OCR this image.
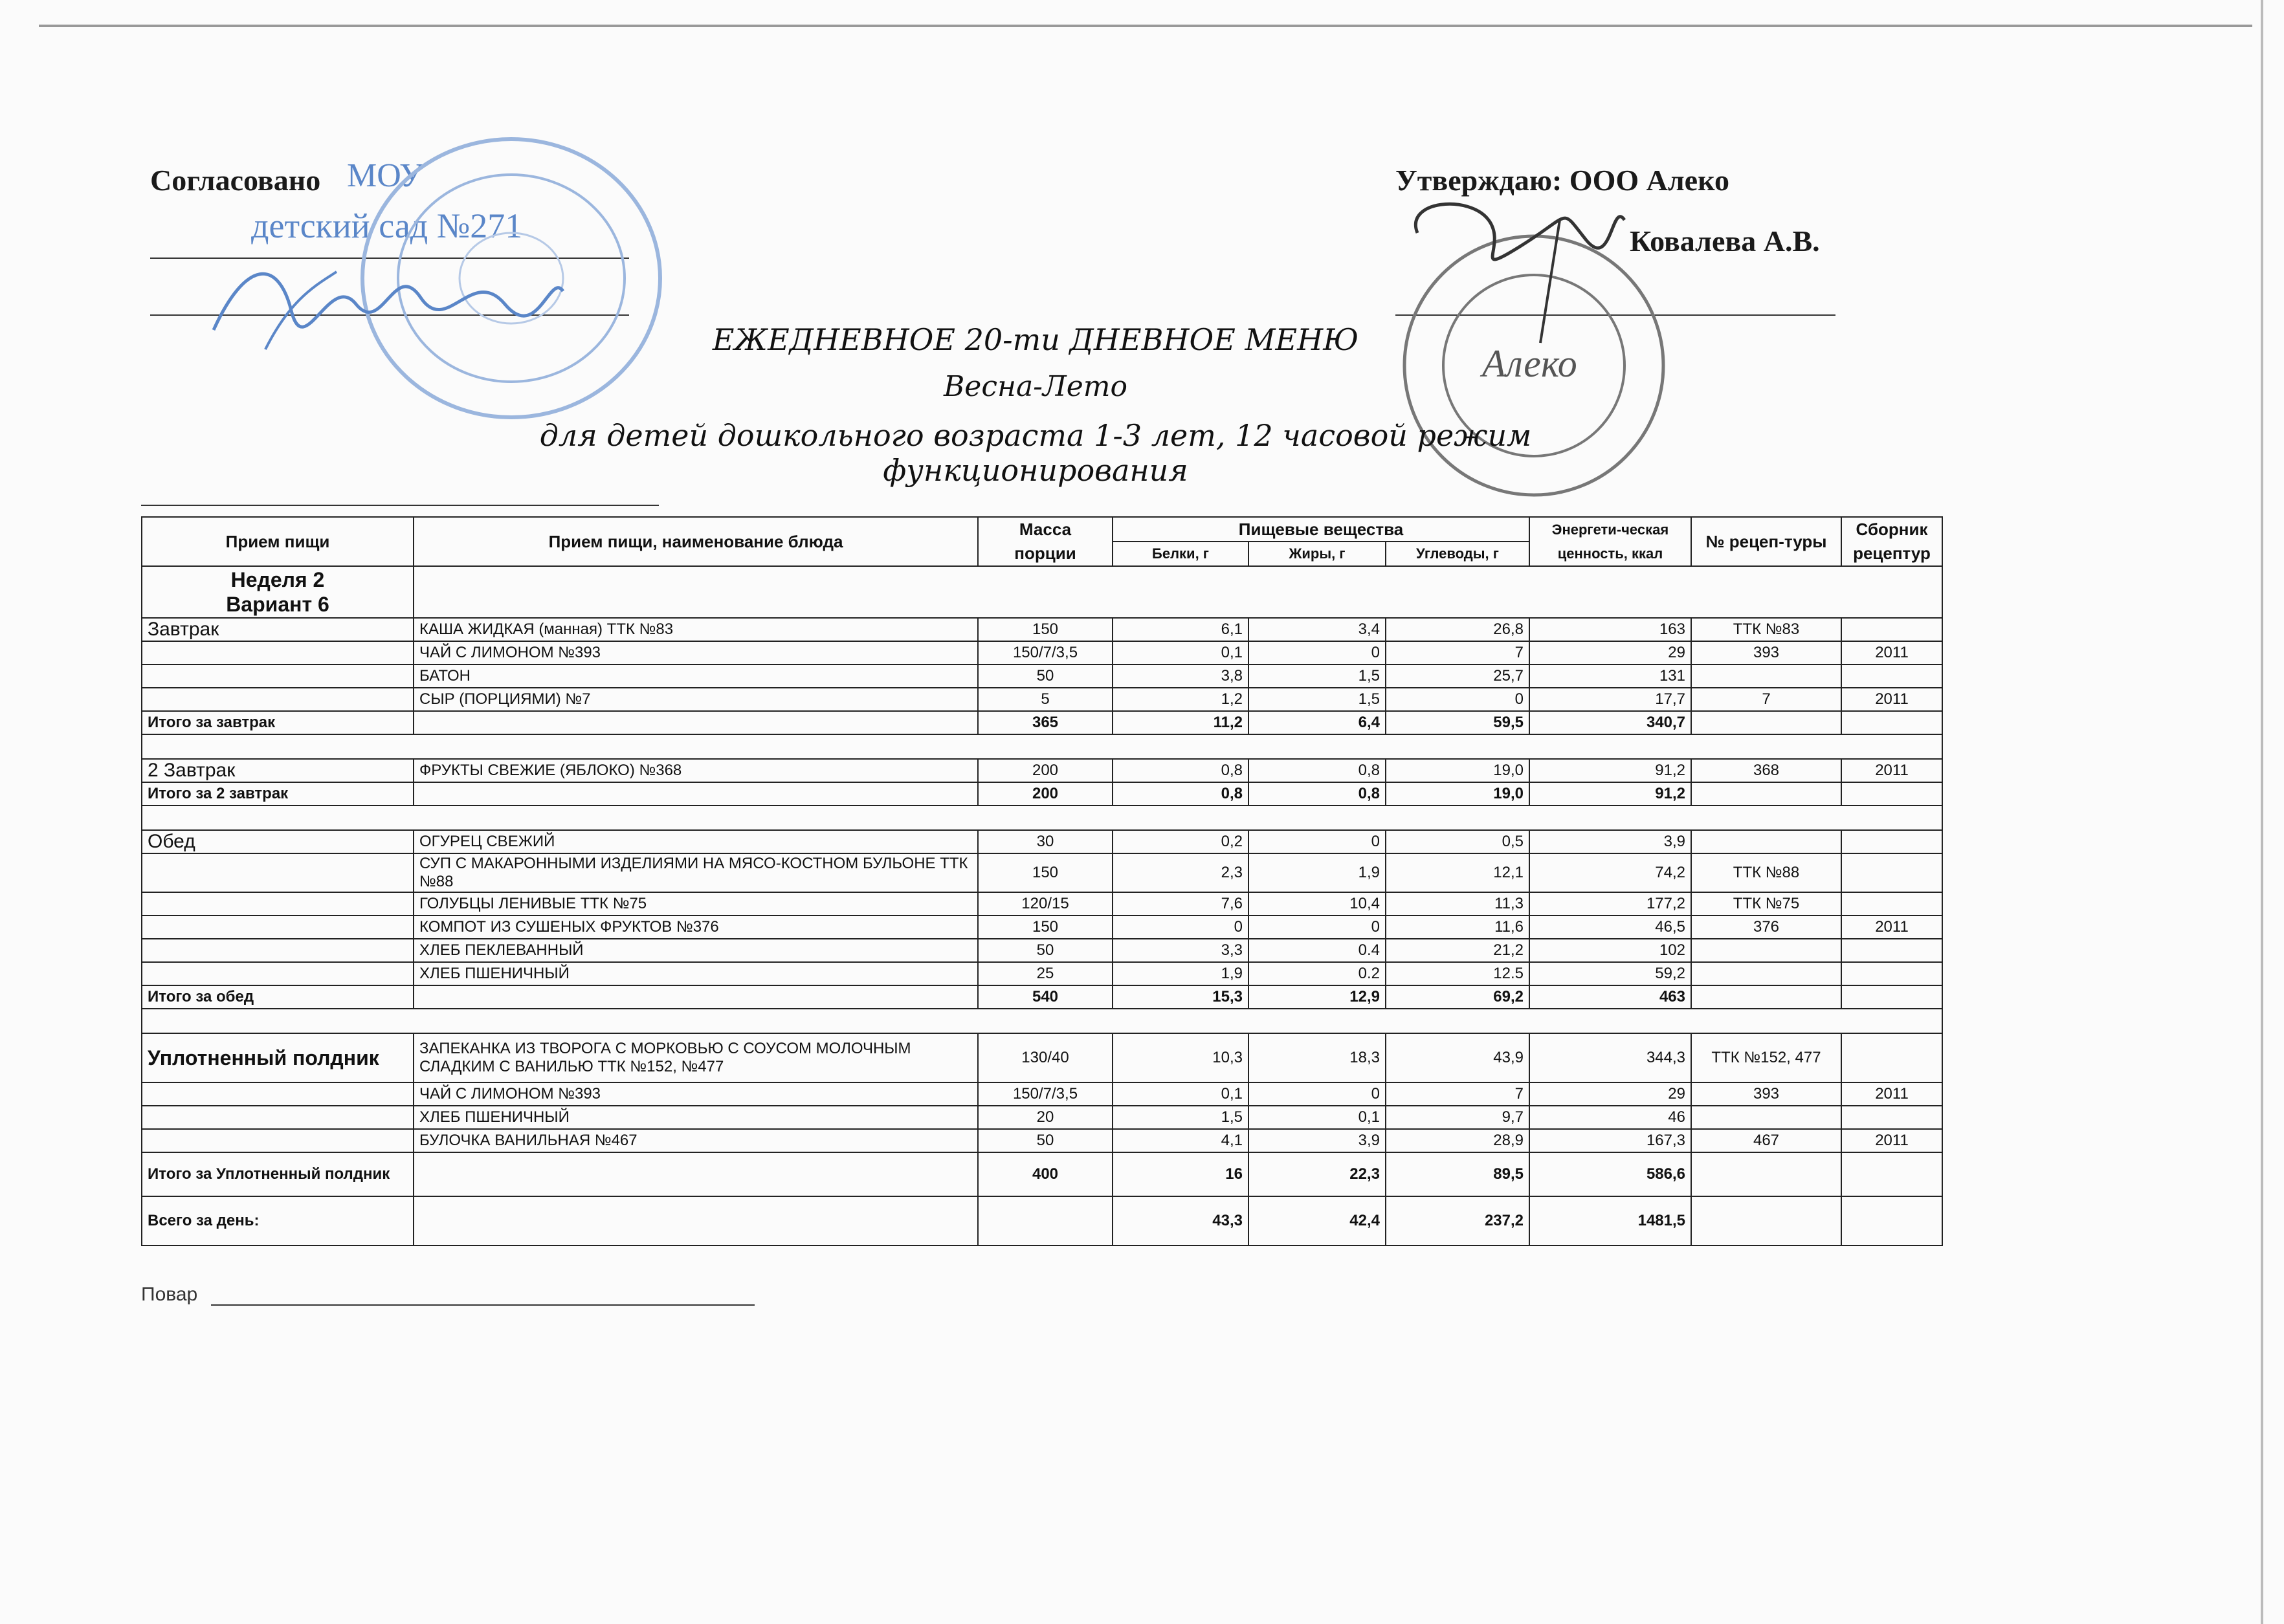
Согласовано МОУ
детский сад №271
Утверждаю: ООО Алеко
Ковалева А.В.
Алеко
ЕЖЕДНЕВНОЕ 20-ти ДНЕВНОЕ МЕНЮ
Весна-Лето
для детей дошкольного возраста 1-3 лет, 12 часовой режим функционирования
Прием пищи	Прием пищи, наименование блюда	Масса	Пищевые вещества			Энергети-ческая	№ рецеп-туры	Сборник
		порции	Белки, г	Жиры, г	Углеводы, г	ценность, ккал		рецептур

Неделя 2
Вариант 6								

Завтрак	КАША ЖИДКАЯ (манная) ТТК №83	150	6,1	3,4	26,8	163	ТТК №83	
	ЧАЙ С ЛИМОНОМ №393	150/7/3,5	0,1	0	7	29	393	2011
	БАТОН	50	3,8	1,5	25,7	131		
	СЫР (ПОРЦИЯМИ) №7	5	1,2	1,5	0	17,7	7	2011
Итого за завтрак		365	11,2	6,4	59,5	340,7		

2 Завтрак	ФРУКТЫ СВЕЖИЕ (ЯБЛОКО) №368	200	0,8	0,8	19,0	91,2	368	2011
Итого за 2 завтрак		200	0,8	0,8	19,0	91,2		

Обед	ОГУРЕЦ СВЕЖИЙ	30	0,2	0	0,5	3,9		
	СУП С МАКАРОННЫМИ ИЗДЕЛИЯМИ НА МЯСО-КОСТНОМ БУЛЬОНЕ ТТК №88	150	2,3	1,9	12,1	74,2	ТТК №88	
	ГОЛУБЦЫ ЛЕНИВЫЕ ТТК №75	120/15	7,6	10,4	11,3	177,2	ТТК №75	
	КОМПОТ ИЗ СУШЕНЫХ ФРУКТОВ №376	150	0	0	11,6	46,5	376	2011
	ХЛЕБ ПЕКЛЕВАННЫЙ	50	3,3	0.4	21,2	102		
	ХЛЕБ ПШЕНИЧНЫЙ	25	1,9	0.2	12.5	59,2		
Итого за обед		540	15,3	12,9	69,2	463		

Уплотненный полдник	ЗАПЕКАНКА ИЗ ТВОРОГА С МОРКОВЬЮ С СОУСОМ МОЛОЧНЫМ СЛАДКИМ С ВАНИЛЬЮ ТТК №152, №477	130/40	10,3	18,3	43,9	344,3	ТТК №152, 477	
	ЧАЙ С ЛИМОНОМ №393	150/7/3,5	0,1	0	7	29	393	2011
	ХЛЕБ ПШЕНИЧНЫЙ	20	1,5	0,1	9,7	46		
	БУЛОЧКА ВАНИЛЬНАЯ №467	50	4,1	3,9	28,9	167,3	467	2011
Итого за Уплотненный полдник		400	16	22,3	89,5	586,6		
Всего за день:			43,3	42,4	237,2	1481,5		
Повар
